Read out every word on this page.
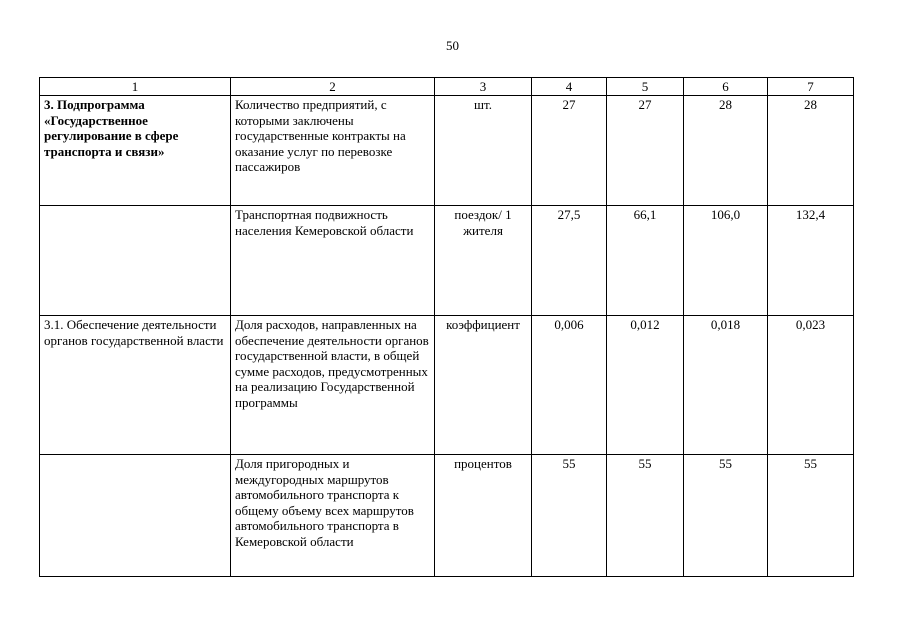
50
1	2	3	4	5	6	7
3. Подпрограмма «Государственное регулирование в сфере транспорта и связи»	Количество предприятий, с которыми заключены государственные контракты на оказание услуг по перевозке пассажиров	шт.	27	27	28	28
	Транспортная подвижность населения Кемеровской области	поездок/ 1 жителя	27,5	66,1	106,0	132,4
3.1. Обеспечение деятельности органов государственной власти	Доля расходов, направленных на обеспечение деятельности органов государственной власти, в общей сумме расходов, предусмотренных на реализацию Государственной программы	коэффициент	0,006	0,012	0,018	0,023
	Доля пригородных и междугородных маршрутов автомобильного транспорта к общему объему всех маршрутов автомобильного транспорта в Кемеровской области	процентов	55	55	55	55
